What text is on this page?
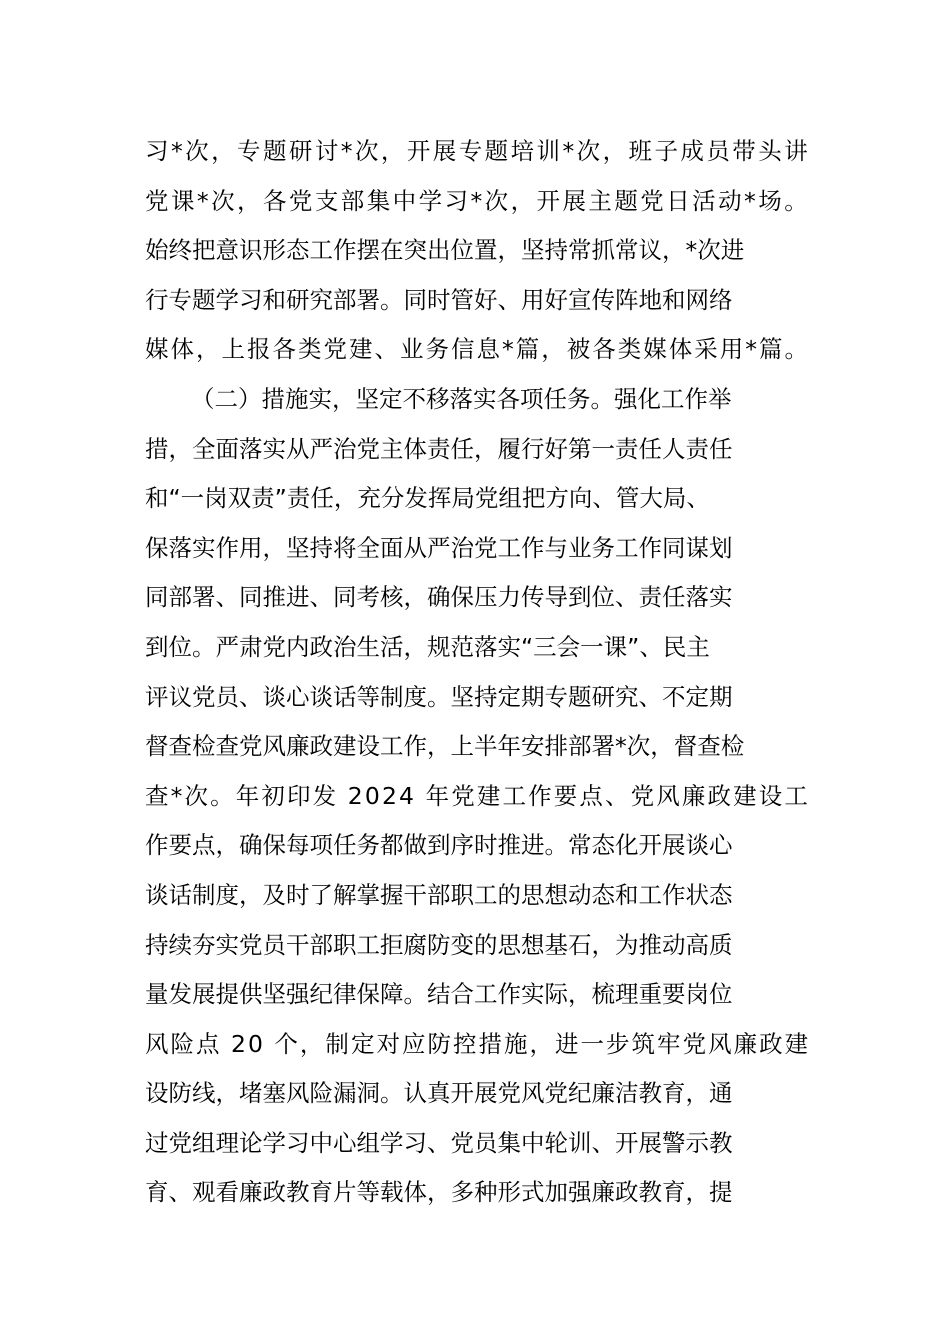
习*次，专题研讨*次，开展专题培训*次，班子成员带头讲
党课*次，各党支部集中学习*次，开展主题党日活动*场。
始终把意识形态工作摆在突出位置，坚持常抓常议，*次进
行专题学习和研究部署。同时管好、用好宣传阵地和网络
媒体，上报各类党建、业务信息*篇，被各类媒体采用*篇。
（二）措施实，坚定不移落实各项任务。强化工作举
措，全面落实从严治党主体责任，履行好第一责任人责任
和“一岗双责”责任，充分发挥局党组把方向、管大局、
保落实作用，坚持将全面从严治党工作与业务工作同谋划
同部署、同推进、同考核，确保压力传导到位、责任落实
到位。严肃党内政治生活，规范落实“三会一课”、民主
评议党员、谈心谈话等制度。坚持定期专题研究、不定期
督查检查党风廉政建设工作，上半年安排部署*次，督查检
查*次。年初印发 2024 年党建工作要点、党风廉政建设工
作要点，确保每项任务都做到序时推进。常态化开展谈心
谈话制度，及时了解掌握干部职工的思想动态和工作状态
持续夯实党员干部职工拒腐防变的思想基石，为推动高质
量发展提供坚强纪律保障。结合工作实际，梳理重要岗位
风险点 20 个，制定对应防控措施，进一步筑牢党风廉政建
设防线，堵塞风险漏洞。认真开展党风党纪廉洁教育，通
过党组理论学习中心组学习、党员集中轮训、开展警示教
育、观看廉政教育片等载体，多种形式加强廉政教育，提
